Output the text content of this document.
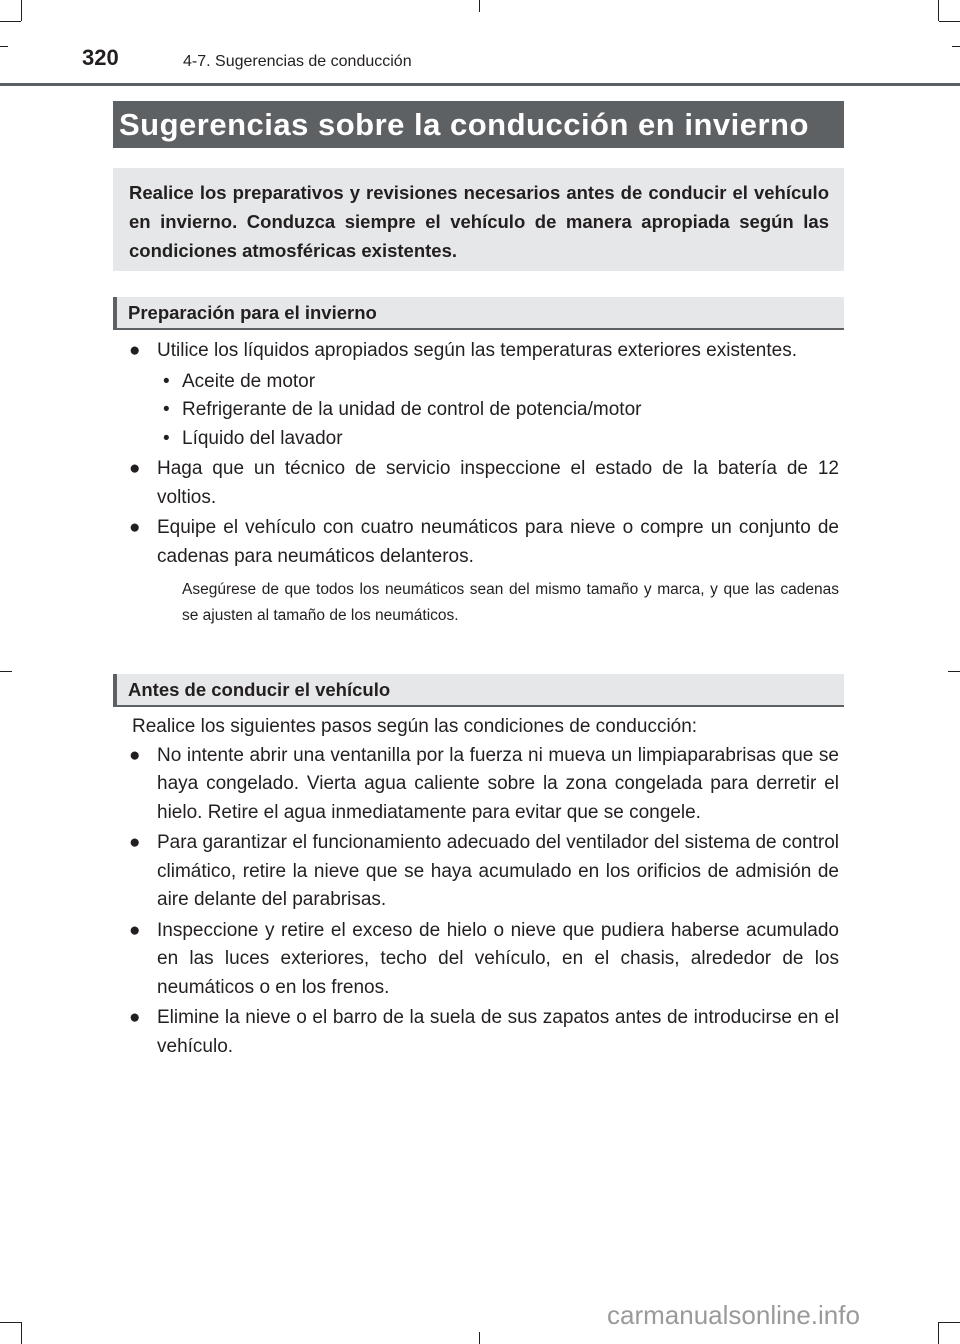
320	4-7. Sugerencias de conducción
Sugerencias sobre la conducción en invierno
Realice los preparativos y revisiones necesarios antes de conducir el vehículo en invierno. Conduzca siempre el vehículo de manera apropiada según las condiciones atmosféricas existentes.
Preparación para el invierno
● Utilice los líquidos apropiados según las temperaturas exteriores existentes.
• Aceite de motor
• Refrigerante de la unidad de control de potencia/motor
• Líquido del lavador
● Haga que un técnico de servicio inspeccione el estado de la batería de 12 voltios.
● Equipe el vehículo con cuatro neumáticos para nieve o compre un conjunto de cadenas para neumáticos delanteros.
Asegúrese de que todos los neumáticos sean del mismo tamaño y marca, y que las cadenas se ajusten al tamaño de los neumáticos.
Antes de conducir el vehículo
Realice los siguientes pasos según las condiciones de conducción:
● No intente abrir una ventanilla por la fuerza ni mueva un limpiaparabrisas que se haya congelado. Vierta agua caliente sobre la zona congelada para derretir el hielo. Retire el agua inmediatamente para evitar que se congele.
● Para garantizar el funcionamiento adecuado del ventilador del sistema de control climático, retire la nieve que se haya acumulado en los orificios de admisión de aire delante del parabrisas.
● Inspeccione y retire el exceso de hielo o nieve que pudiera haberse acumulado en las luces exteriores, techo del vehículo, en el chasis, alrededor de los neumáticos o en los frenos.
● Elimine la nieve o el barro de la suela de sus zapatos antes de introducirse en el vehículo.
carmanualsonline.info
